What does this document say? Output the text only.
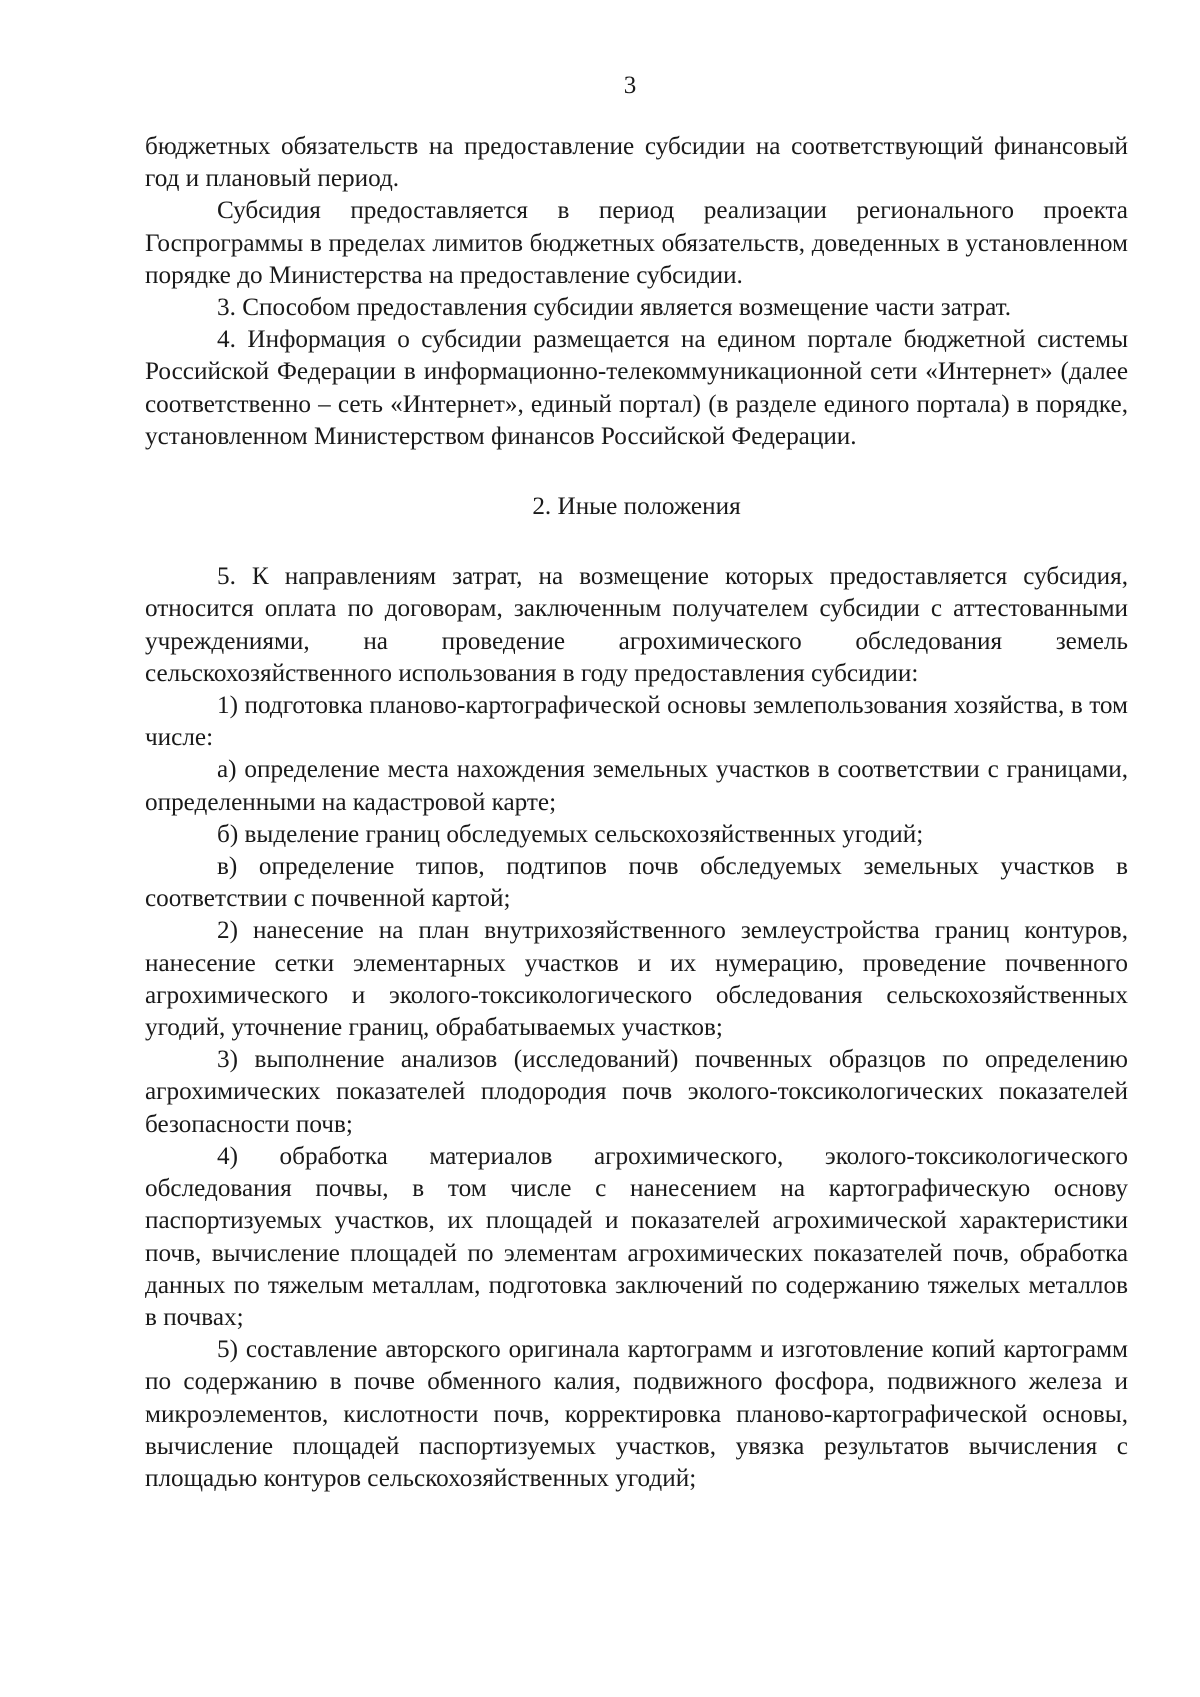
3

бюджетных обязательств на предоставление субсидии на соответствующий финансовый год и плановый период.

Субсидия предоставляется в период реализации регионального проекта Госпрограммы в пределах лимитов бюджетных обязательств, доведенных в установленном порядке до Министерства на предоставление субсидии.

3. Способом предоставления субсидии является возмещение части затрат.

4. Информация о субсидии размещается на едином портале бюджетной системы Российской Федерации в информационно-телекоммуникационной сети «Интернет» (далее соответственно – сеть «Интернет», единый портал) (в разделе единого портала) в порядке, установленном Министерством финансов Российской Федерации.

2. Иные положения

5. К направлениям затрат, на возмещение которых предоставляется субсидия, относится оплата по договорам, заключенным получателем субсидии с аттестованными учреждениями, на проведение агрохимического обследования земель сельскохозяйственного использования в году предоставления субсидии:

1) подготовка планово-картографической основы землепользования хозяйства, в том числе:

а) определение места нахождения земельных участков в соответствии с границами, определенными на кадастровой карте;

б) выделение границ обследуемых сельскохозяйственных угодий;

в) определение типов, подтипов почв обследуемых земельных участков в соответствии с почвенной картой;

2) нанесение на план внутрихозяйственного землеустройства границ контуров, нанесение сетки элементарных участков и их нумерацию, проведение почвенного агрохимического и эколого-токсикологического обследования сельскохозяйственных угодий, уточнение границ, обрабатываемых участков;

3) выполнение анализов (исследований) почвенных образцов по определению агрохимических показателей плодородия почв эколого-токсикологических показателей безопасности почв;

4) обработка материалов агрохимического, эколого-токсикологического обследования почвы, в том числе с нанесением на картографическую основу паспортизуемых участков, их площадей и показателей агрохимической характеристики почв, вычисление площадей по элементам агрохимических показателей почв, обработка данных по тяжелым металлам, подготовка заключений по содержанию тяжелых металлов в почвах;

5) составление авторского оригинала картограмм и изготовление копий картограмм по содержанию в почве обменного калия, подвижного фосфора, подвижного железа и микроэлементов, кислотности почв, корректировка планово-картографической основы, вычисление площадей паспортизуемых участков, увязка результатов вычисления с площадью контуров сельскохозяйственных угодий;
